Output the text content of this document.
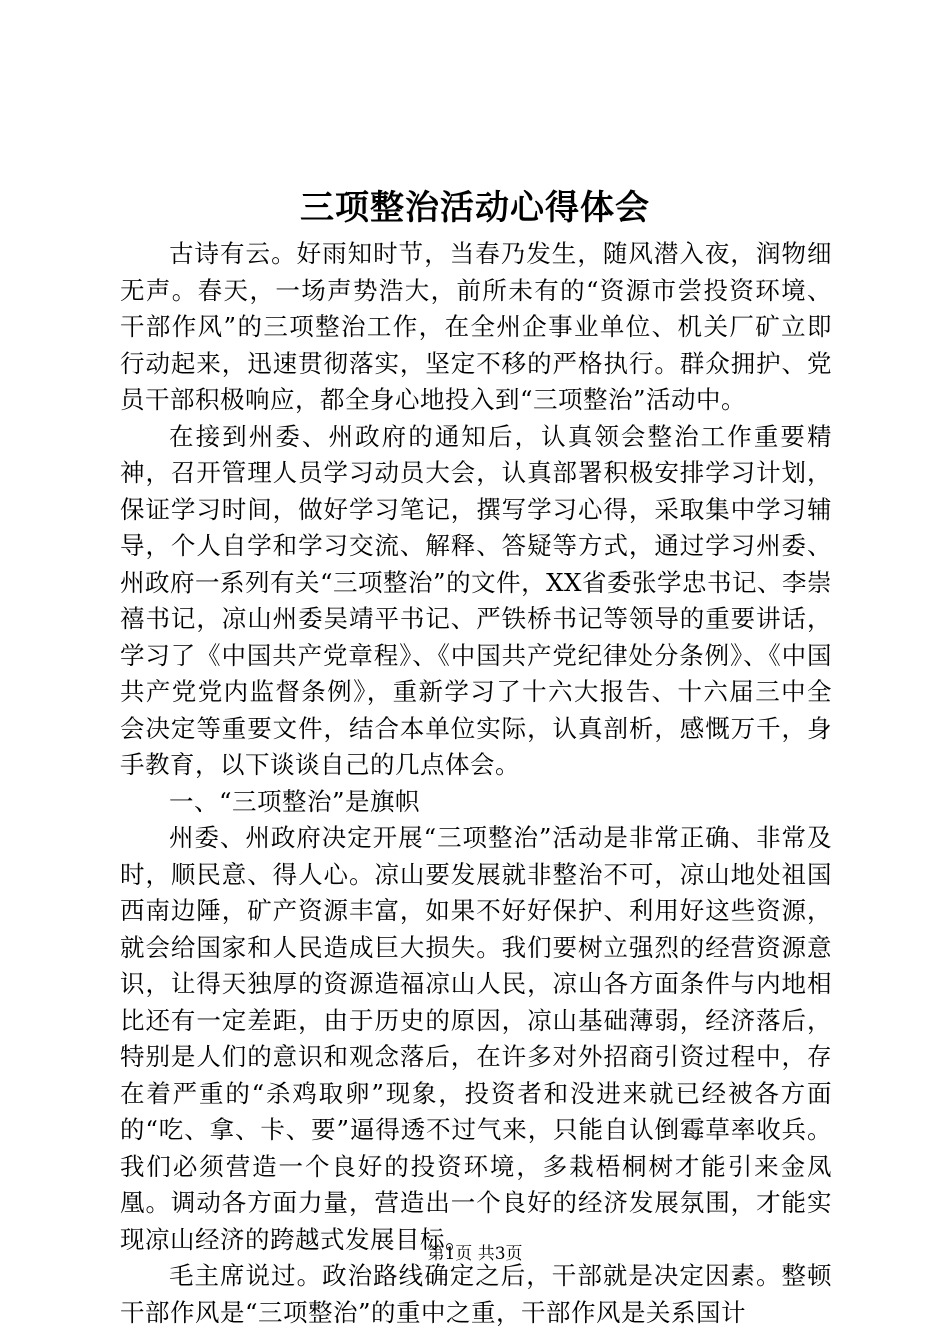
三项整治活动心得体会

古诗有云。好雨知时节，当春乃发生，随风潜入夜，润物细无声。春天，一场声势浩大，前所未有的“资源市尝投资环境、干部作风”的三项整治工作，在全州企事业单位、机关厂矿立即行动起来，迅速贯彻落实，坚定不移的严格执行。群众拥护、党员干部积极响应，都全身心地投入到“三项整治”活动中。

在接到州委、州政府的通知后，认真领会整治工作重要精神，召开管理人员学习动员大会，认真部署积极安排学习计划，保证学习时间，做好学习笔记，撰写学习心得，采取集中学习辅导，个人自学和学习交流、解释、答疑等方式，通过学习州委、州政府一系列有关“三项整治”的文件，XX省委张学忠书记、李崇禧书记，凉山州委吴靖平书记、严铁桥书记等领导的重要讲话，学习了《中国共产党章程》、《中国共产党纪律处分条例》、《中国共产党党内监督条例》，重新学习了十六大报告、十六届三中全会决定等重要文件，结合本单位实际，认真剖析，感慨万千，身手教育，以下谈谈自己的几点体会。

一、“三项整治”是旗帜

州委、州政府决定开展“三项整治”活动是非常正确、非常及时，顺民意、得人心。凉山要发展就非整治不可，凉山地处祖国西南边陲，矿产资源丰富，如果不好好保护、利用好这些资源，就会给国家和人民造成巨大损失。我们要树立强烈的经营资源意识，让得天独厚的资源造福凉山人民，凉山各方面条件与内地相比还有一定差距，由于历史的原因，凉山基础薄弱，经济落后，特别是人们的意识和观念落后，在许多对外招商引资过程中，存在着严重的“杀鸡取卵”现象，投资者和没进来就已经被各方面的“吃、拿、卡、要”逼得透不过气来，只能自认倒霉草率收兵。我们必须营造一个良好的投资环境，多栽梧桐树才能引来金凤凰。调动各方面力量，营造出一个良好的经济发展氛围，才能实现凉山经济的跨越式发展目标。

毛主席说过。政治路线确定之后，干部就是决定因素。整顿干部作风是“三项整治”的重中之重，干部作风是关系国计

第1页 共3页
